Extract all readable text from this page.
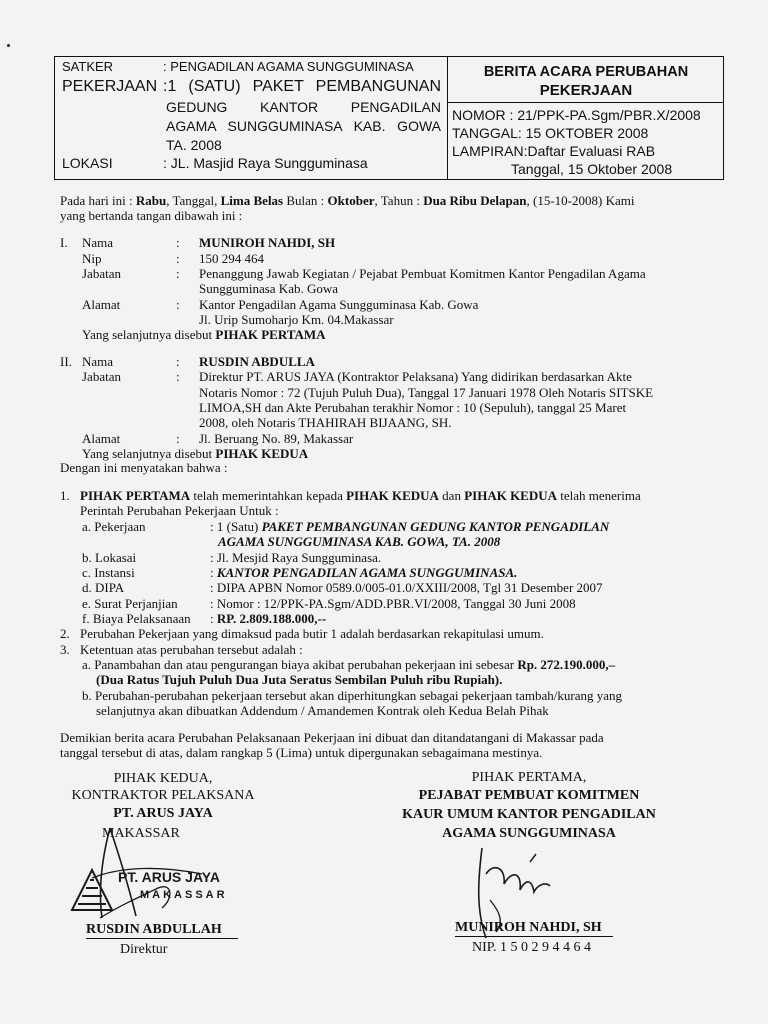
SATKER	: PENGADILAN AGAMA SUNGGUMINASA
PEKERJAAN :1 (SATU) PAKET PEMBANGUNAN
GEDUNG KANTOR PENGADILAN
AGAMA SUNGGUMINASA KAB. GOWA
TA. 2008
LOKASI	: JL. Masjid Raya Sungguminasa
BERITA ACARA PERUBAHAN
PEKERJAAN
NOMOR : 21/PPK-PA.Sgm/PBR.X/2008
TANGGAL: 15 OKTOBER 2008
LAMPIRAN:Daftar Evaluasi RAB
Tanggal, 15 Oktober 2008
Pada hari ini : Rabu, Tanggal, Lima Belas Bulan : Oktober, Tahun : Dua Ribu Delapan, (15-10-2008) Kami
yang bertanda tangan dibawah ini :
I. Nama	: MUNIROH NAHDI, SH
Nip	: 150 294 464
Jabatan	: Penanggung Jawab Kegiatan / Pejabat Pembuat Komitmen Kantor Pengadilan Agama
Sungguminasa Kab. Gowa
Alamat	: Kantor Pengadilan Agama Sungguminasa Kab. Gowa
Jl. Urip Sumoharjo Km. 04.Makassar
Yang selanjutnya disebut PIHAK PERTAMA
II. Nama	: RUSDIN ABDULLA
Jabatan	: Direktur PT. ARUS JAYA (Kontraktor Pelaksana) Yang didirikan berdasarkan Akte
Notaris Nomor : 72 (Tujuh Puluh Dua), Tanggal 17 Januari 1978 Oleh Notaris SITSKE
LIMOA,SH dan Akte Perubahan terakhir Nomor : 10 (Sepuluh), tanggal 25 Maret
2008, oleh Notaris THAHIRAH BIJAANG, SH.
Alamat	: Jl. Beruang No. 89, Makassar
Yang selanjutnya disebut PIHAK KEDUA
Dengan ini menyatakan bahwa :
1. PIHAK PERTAMA telah memerintahkan kepada PIHAK KEDUA dan PIHAK KEDUA telah menerima
Perintah Perubahan Pekerjaan Untuk :
a. Pekerjaan	: 1 (Satu) PAKET PEMBANGUNAN GEDUNG KANTOR PENGADILAN
AGAMA SUNGGUMINASA KAB. GOWA, TA. 2008
b. Lokasai	: Jl. Mesjid Raya Sungguminasa.
c. Instansi	: KANTOR PENGADILAN AGAMA SUNGGUMINASA.
d. DIPA	: DIPA APBN Nomor 0589.0/005-01.0/XXIII/2008, Tgl 31 Desember 2007
e. Surat Perjanjian : Nomor : 12/PPK-PA.Sgm/ADD.PBR.VI/2008, Tanggal 30 Juni 2008
f. Biaya Pelaksanaan : RP. 2.809.188.000,--
2. Perubahan Pekerjaan yang dimaksud pada butir 1 adalah berdasarkan rekapitulasi umum.
3. Ketentuan atas perubahan tersebut adalah :
a. Panambahan dan atau pengurangan biaya akibat perubahan pekerjaan ini sebesar Rp. 272.190.000,–
(Dua Ratus Tujuh Puluh Dua Juta Seratus Sembilan Puluh ribu Rupiah).
b. Perubahan-perubahan pekerjaan tersebut akan diperhitungkan sebagai pekerjaan tambah/kurang yang
selanjutnya akan dibuatkan Addendum / Amandemen Kontrak oleh Kedua Belah Pihak
Demikian berita acara Perubahan Pelaksanaan Pekerjaan ini dibuat dan ditandatangani di Makassar pada
tanggal tersebut di atas, dalam rangkap 5 (Lima) untuk dipergunakan sebagaimana mestinya.
PIHAK KEDUA,
KONTRAKTOR PELAKSANA
PT. ARUS JAYA
MAKASSAR
PT. ARUS JAYA
MAKASSAR
RUSDIN ABDULLAH
Direktur
PIHAK PERTAMA,
PEJABAT PEMBUAT KOMITMEN
KAUR UMUM KANTOR PENGADILAN
AGAMA SUNGGUMINASA
MUNIROH NAHDI, SH
NIP. 1 5 0 2 9 4 4 6 4
